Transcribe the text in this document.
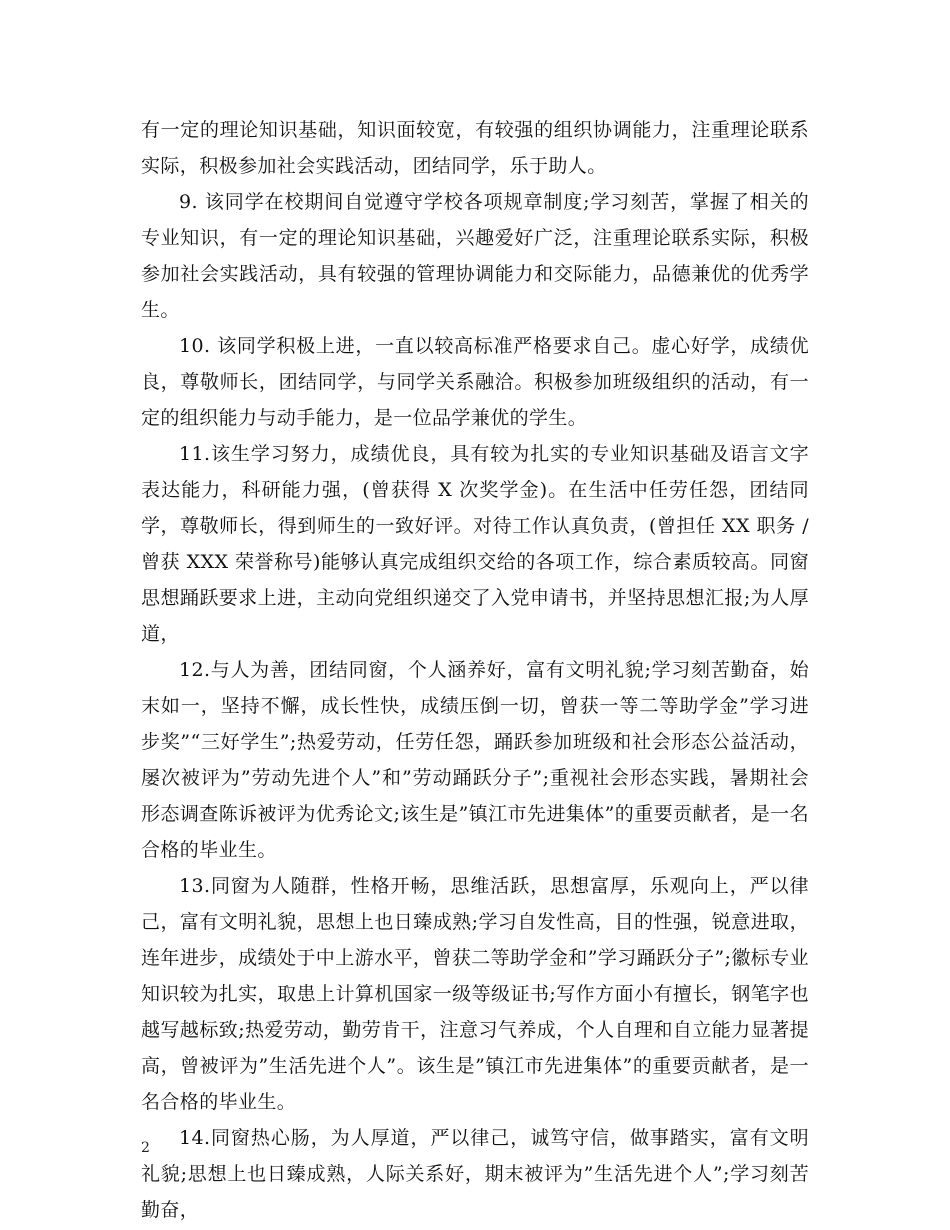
有一定的理论知识基础，知识面较宽，有较强的组织协调能力，注重理论联系实际，积极参加社会实践活动，团结同学，乐于助人。

9. 该同学在校期间自觉遵守学校各项规章制度;学习刻苦，掌握了相关的专业知识，有一定的理论知识基础，兴趣爱好广泛，注重理论联系实际，积极参加社会实践活动，具有较强的管理协调能力和交际能力，品德兼优的优秀学生。

10. 该同学积极上进，一直以较高标准严格要求自己。虚心好学，成绩优良，尊敬师长，团结同学，与同学关系融洽。积极参加班级组织的活动，有一定的组织能力与动手能力，是一位品学兼优的学生。

11.该生学习努力，成绩优良，具有较为扎实的专业知识基础及语言文字表达能力，科研能力强，(曾获得 X 次奖学金)。在生活中任劳任怨，团结同学，尊敬师长，得到师生的一致好评。对待工作认真负责，(曾担任 XX 职务 / 曾获 XXX 荣誉称号)能够认真完成组织交给的各项工作，综合素质较高。同窗思想踊跃要求上进，主动向党组织递交了入党申请书，并坚持思想汇报;为人厚道，

12.与人为善，团结同窗，个人涵养好，富有文明礼貌;学习刻苦勤奋，始末如一，坚持不懈，成长性快，成绩压倒一切，曾获一等二等助学金”学习进步奖”“三好学生”;热爱劳动，任劳任怨，踊跃参加班级和社会形态公益活动，屡次被评为”劳动先进个人”和”劳动踊跃分子”;重视社会形态实践，暑期社会形态调查陈诉被评为优秀论文;该生是”镇江市先进集体”的重要贡献者，是一名合格的毕业生。

13.同窗为人随群，性格开畅，思维活跃，思想富厚，乐观向上，严以律己，富有文明礼貌，思想上也日臻成熟;学习自发性高，目的性强，锐意进取，连年进步，成绩处于中上游水平，曾获二等助学金和”学习踊跃分子”;徽标专业知识较为扎实，取患上计算机国家一级等级证书;写作方面小有擅长，钢笔字也越写越标致;热爱劳动，勤劳肯干，注意习气养成，个人自理和自立能力显著提高，曾被评为”生活先进个人”。该生是”镇江市先进集体”的重要贡献者，是一名合格的毕业生。

14.同窗热心肠，为人厚道，严以律己，诚笃守信，做事踏实，富有文明礼貌;思想上也日臻成熟，人际关系好，期末被评为”生活先进个人”;学习刻苦勤奋，

2
